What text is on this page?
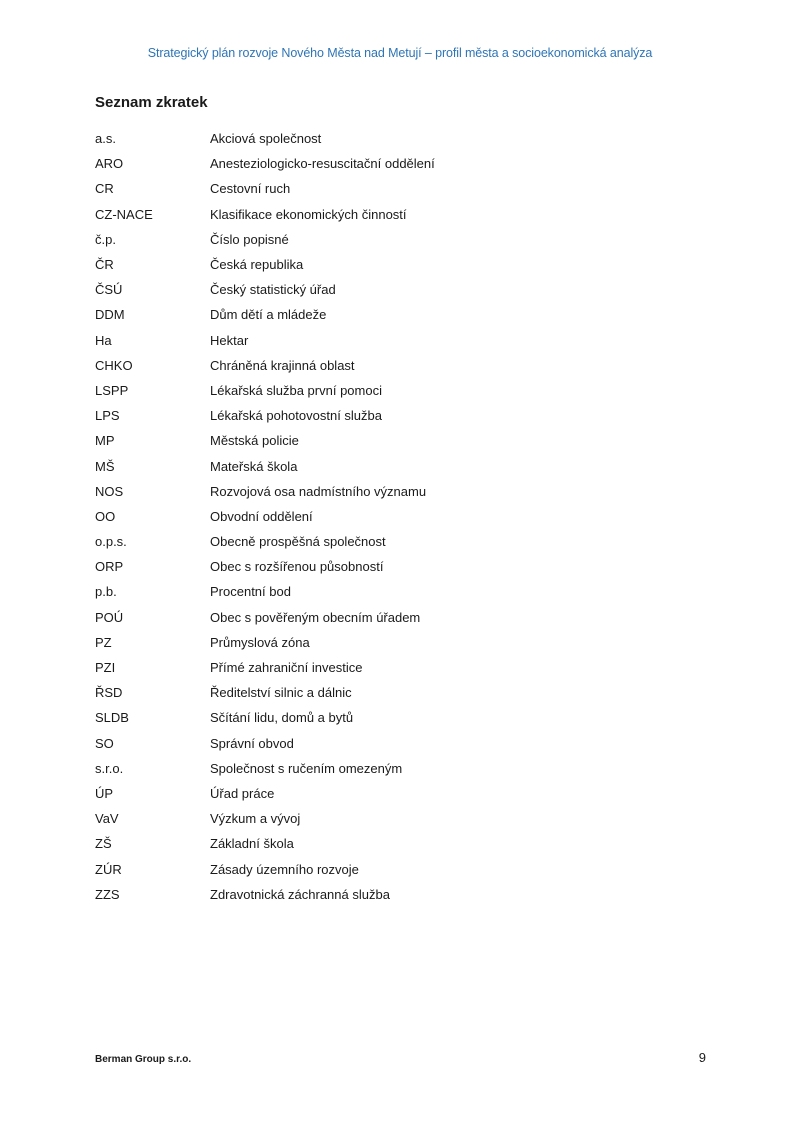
Strategický plán rozvoje Nového Města nad Metují – profil města a socioekonomická analýza
Seznam zkratek
a.s.	Akciová společnost
ARO	Anesteziologicko-resuscitační oddělení
CR	Cestovní ruch
CZ-NACE	Klasifikace ekonomických činností
č.p.	Číslo popisné
ČR	Česká republika
ČSÚ	Český statistický úřad
DDM	Dům dětí a mládeže
Ha	Hektar
CHKO	Chráněná krajinná oblast
LSPP	Lékařská služba první pomoci
LPS	Lékařská pohotovostní služba
MP	Městská policie
MŠ	Mateřská škola
NOS	Rozvojová osa nadmístního významu
OO	Obvodní oddělení
o.p.s.	Obecně prospěšná společnost
ORP	Obec s rozšířenou působností
p.b.	Procentní bod
POÚ	Obec s pověřeným obecním úřadem
PZ	Průmyslová zóna
PZI	Přímé zahraniční investice
ŘSD	Ředitelství silnic a dálnic
SLDB	Sčítání lidu, domů a bytů
SO	Správní obvod
s.r.o.	Společnost s ručením omezeným
ÚP	Úřad práce
VaV	Výzkum a vývoj
ZŠ	Základní škola
ZÚR	Zásady územního rozvoje
ZZS	Zdravotnická záchranná služba
Berman Group s.r.o.	9
